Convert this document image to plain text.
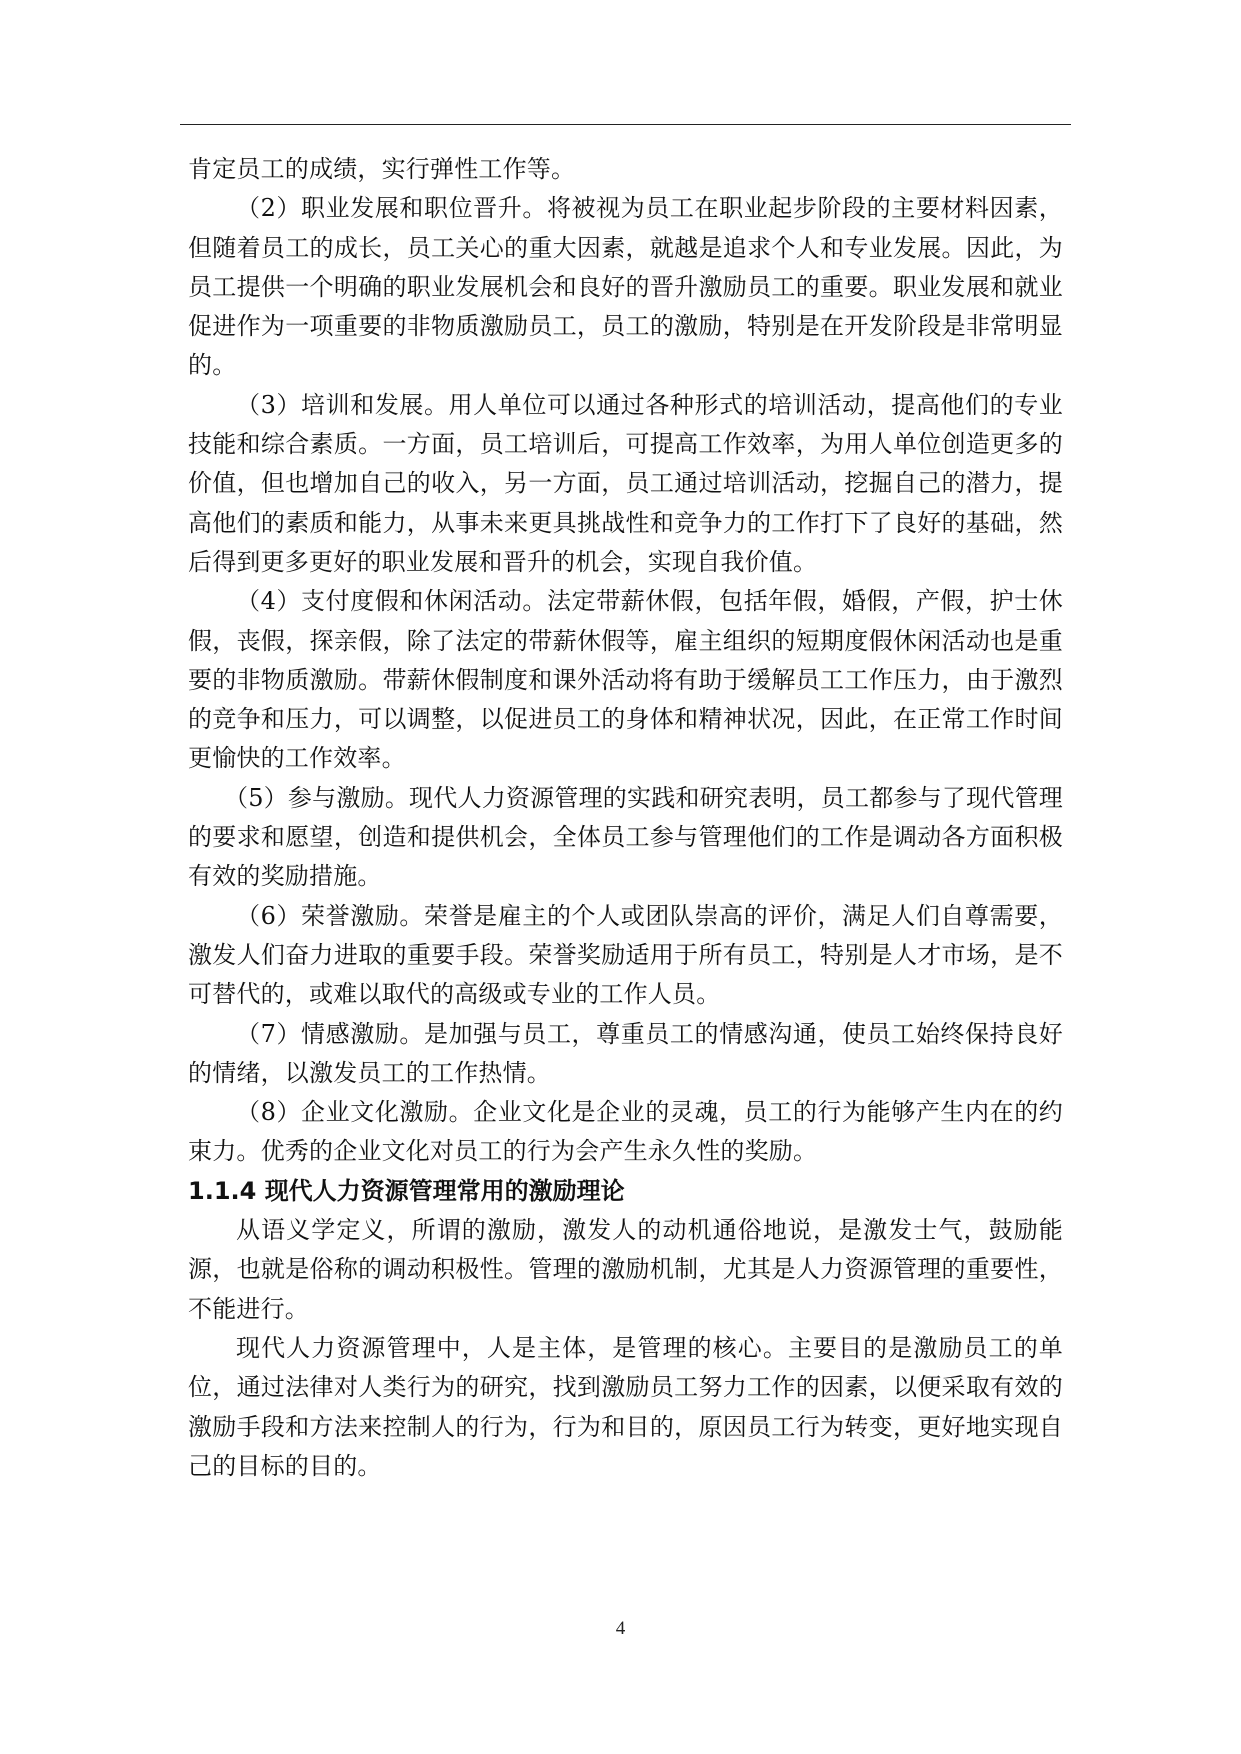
肯定员工的成绩，实行弹性工作等。

（2）职业发展和职位晋升。将被视为员工在职业起步阶段的主要材料因素，但随着员工的成长，员工关心的重大因素，就越是追求个人和专业发展。因此，为员工提供一个明确的职业发展机会和良好的晋升激励员工的重要。职业发展和就业促进作为一项重要的非物质激励员工，员工的激励，特别是在开发阶段是非常明显的。

（3）培训和发展。用人单位可以通过各种形式的培训活动，提高他们的专业技能和综合素质。一方面，员工培训后，可提高工作效率，为用人单位创造更多的价值，但也增加自己的收入，另一方面，员工通过培训活动，挖掘自己的潜力，提高他们的素质和能力，从事未来更具挑战性和竞争力的工作打下了良好的基础，然后得到更多更好的职业发展和晋升的机会，实现自我价值。

（4）支付度假和休闲活动。法定带薪休假，包括年假，婚假，产假，护士休假，丧假，探亲假，除了法定的带薪休假等，雇主组织的短期度假休闲活动也是重要的非物质激励。带薪休假制度和课外活动将有助于缓解员工工作压力，由于激烈的竞争和压力，可以调整，以促进员工的身体和精神状况，因此，在正常工作时间更愉快的工作效率。

（5）参与激励。现代人力资源管理的实践和研究表明，员工都参与了现代管理的要求和愿望，创造和提供机会，全体员工参与管理他们的工作是调动各方面积极有效的奖励措施。

（6）荣誉激励。荣誉是雇主的个人或团队崇高的评价，满足人们自尊需要，激发人们奋力进取的重要手段。荣誉奖励适用于所有员工，特别是人才市场，是不可替代的，或难以取代的高级或专业的工作人员。

（7）情感激励。是加强与员工，尊重员工的情感沟通，使员工始终保持良好的情绪，以激发员工的工作热情。

（8）企业文化激励。企业文化是企业的灵魂，员工的行为能够产生内在的约束力。优秀的企业文化对员工的行为会产生永久性的奖励。

1.1.4 现代人力资源管理常用的激励理论

从语义学定义，所谓的激励，激发人的动机通俗地说，是激发士气，鼓励能源，也就是俗称的调动积极性。管理的激励机制，尤其是人力资源管理的重要性，不能进行。

现代人力资源管理中，人是主体，是管理的核心。主要目的是激励员工的单位，通过法律对人类行为的研究，找到激励员工努力工作的因素，以便采取有效的激励手段和方法来控制人的行为，行为和目的，原因员工行为转变，更好地实现自己的目标的目的。

4
